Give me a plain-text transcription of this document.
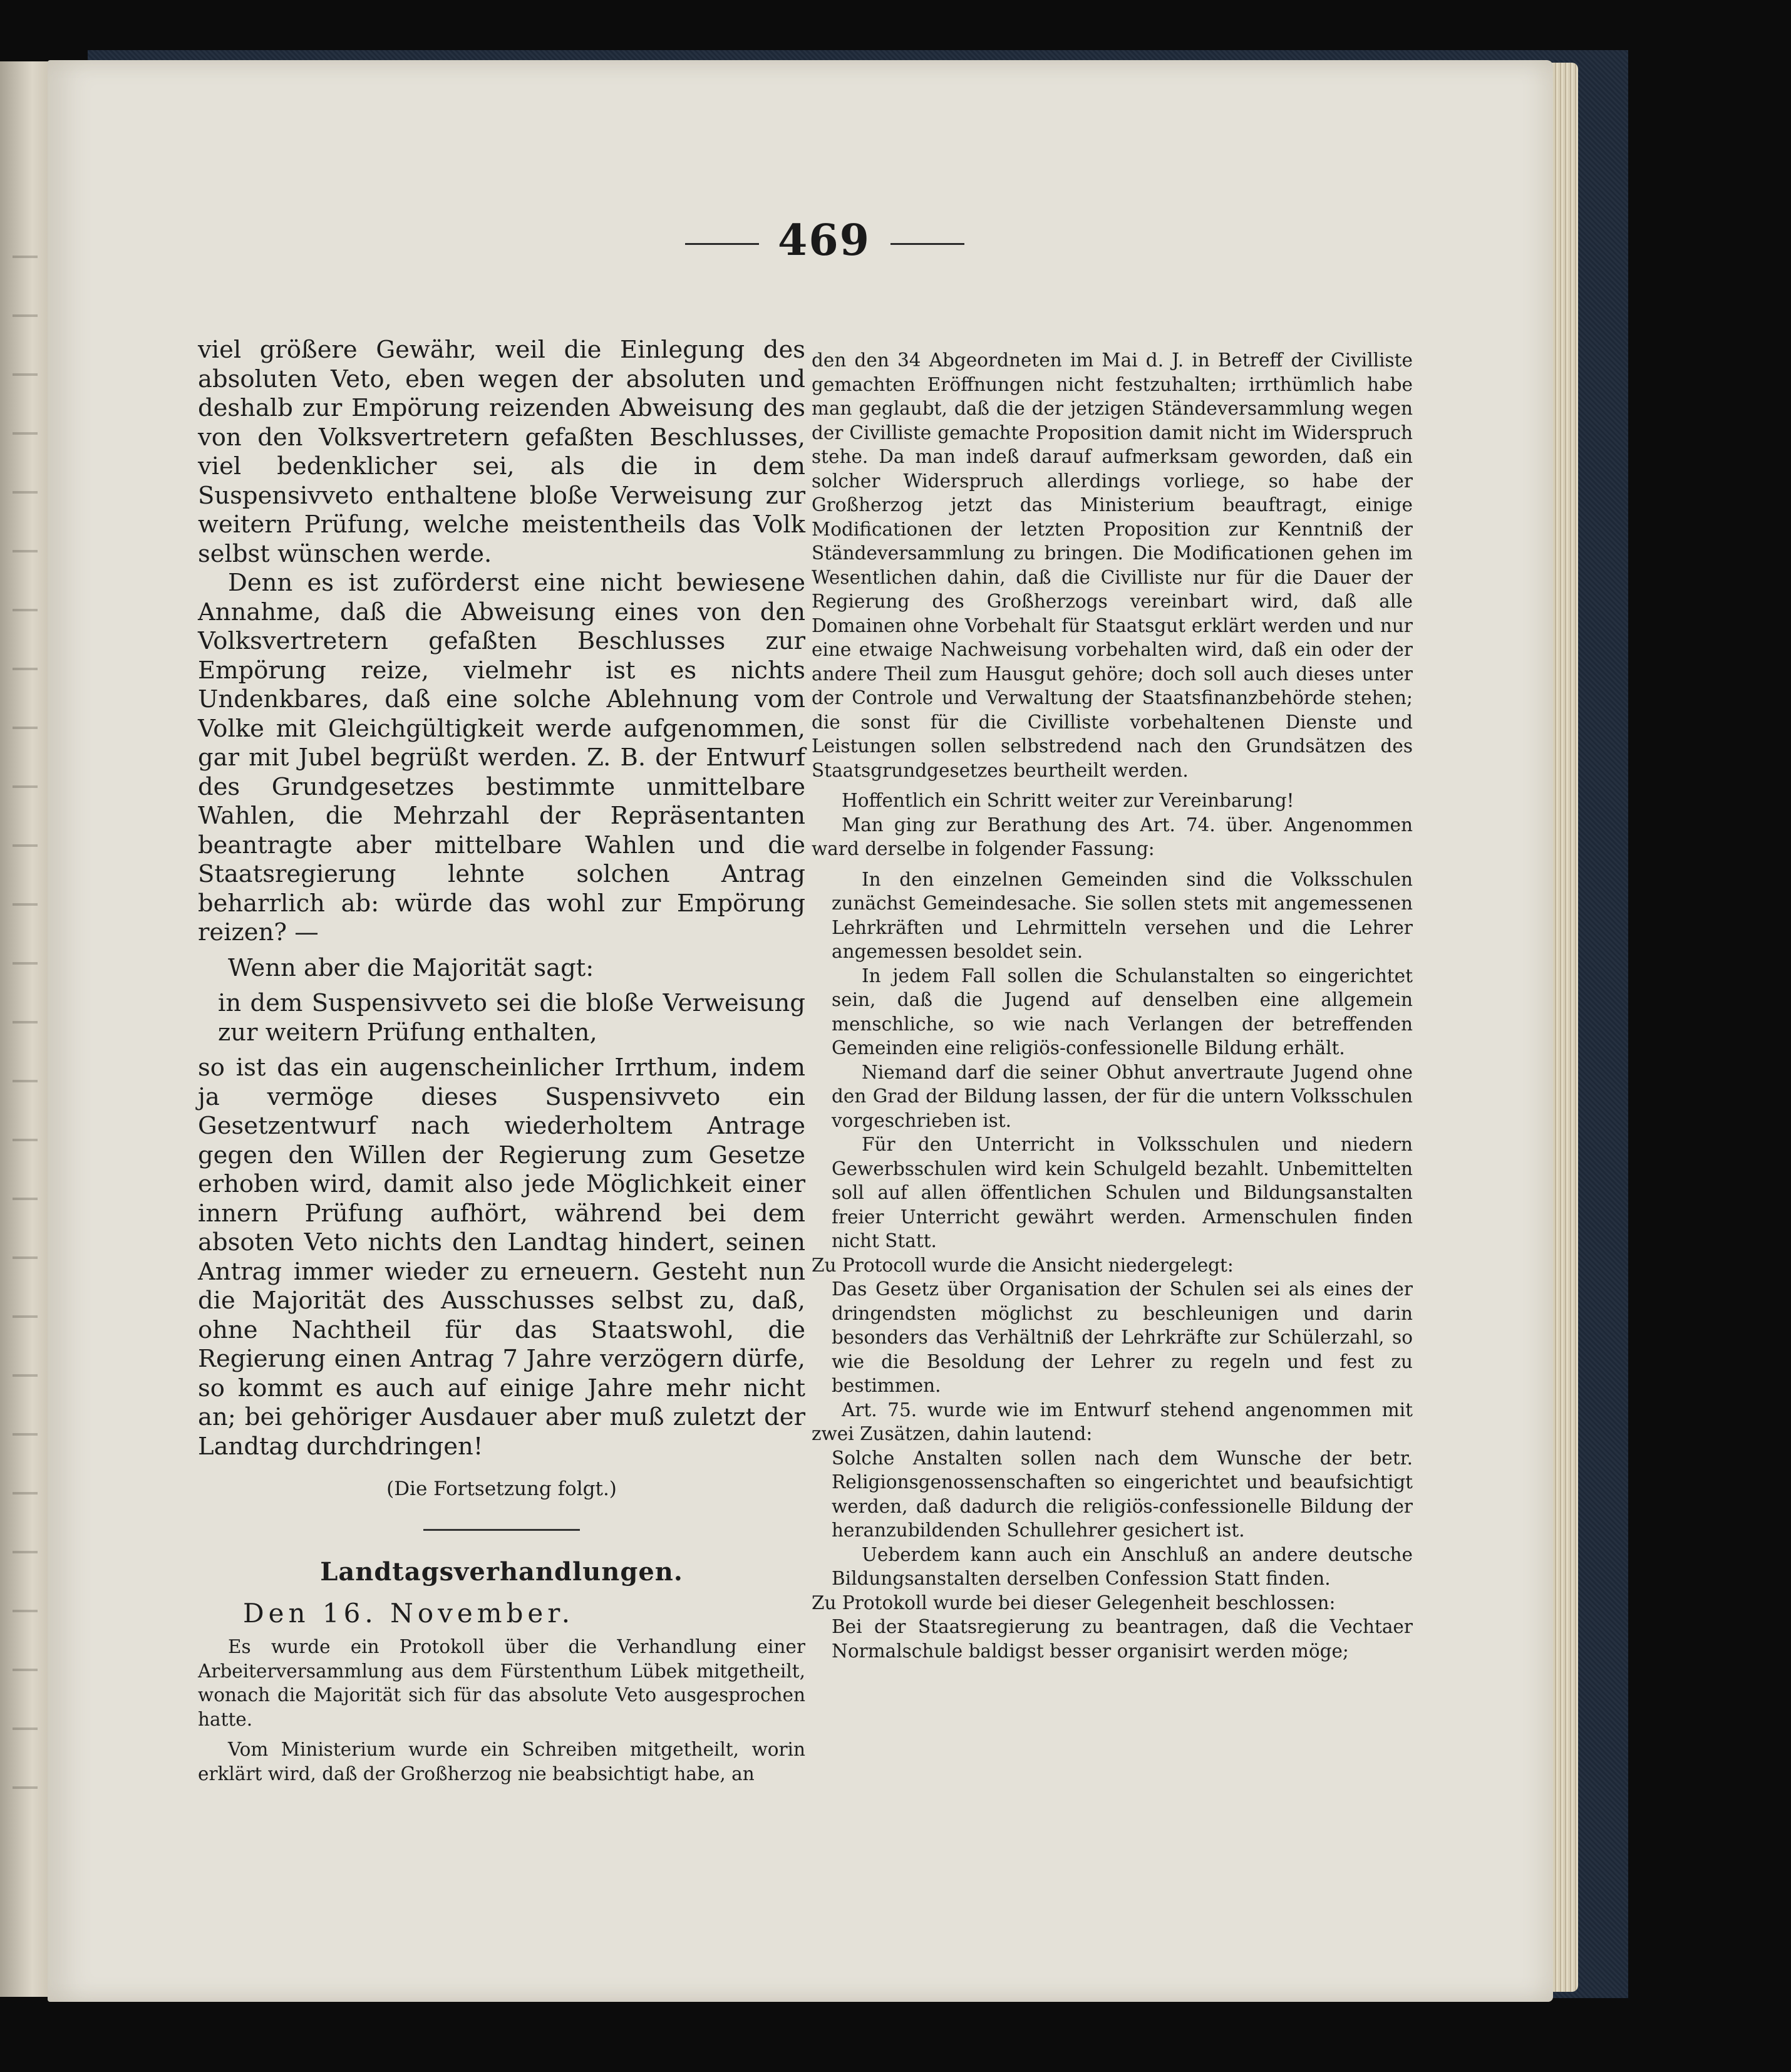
469

viel größere Gewähr, weil die Einlegung des absoluten Veto, eben wegen der absoluten und deshalb zur Empörung reizenden Abweisung des von den Volksvertretern gefaßten Beschlusses, viel bedenklicher sei, als die in dem Suspensivveto enthaltene bloße Verweisung zur weitern Prüfung, welche meistentheils das Volk selbst wünschen werde.

Denn es ist zuförderst eine nicht bewiesene Annahme, daß die Abweisung eines von den Volksvertretern gefaßten Beschlusses zur Empörung reize, vielmehr ist es nichts Undenkbares, daß eine solche Ablehnung vom Volke mit Gleichgültigkeit werde aufgenommen, gar mit Jubel begrüßt werden. Z. B. der Entwurf des Grundgesetzes bestimmte unmittelbare Wahlen, die Mehrzahl der Repräsentanten beantragte aber mittelbare Wahlen und die Staatsregierung lehnte solchen Antrag beharrlich ab: würde das wohl zur Empörung reizen? —

Wenn aber die Majorität sagt:

in dem Suspensivveto sei die bloße Verweisung zur weitern Prüfung enthalten,

so ist das ein augenscheinlicher Irrthum, indem ja vermöge dieses Suspensivveto ein Gesetzentwurf nach wiederholtem Antrage gegen den Willen der Regierung zum Gesetze erhoben wird, damit also jede Möglichkeit einer innern Prüfung aufhört, während bei dem absoten Veto nichts den Landtag hindert, seinen Antrag immer wieder zu erneuern. Gesteht nun die Majorität des Ausschusses selbst zu, daß, ohne Nachtheil für das Staatswohl, die Regierung einen Antrag 7 Jahre verzögern dürfe, so kommt es auch auf einige Jahre mehr nicht an; bei gehöriger Ausdauer aber muß zuletzt der Landtag durchdringen!

(Die Fortsetzung folgt.)
Landtagsverhandlungen.
Den 16. November.

Es wurde ein Protokoll über die Verhandlung einer Arbeiterversammlung aus dem Fürstenthum Lübek mitgetheilt, wonach die Majorität sich für das absolute Veto ausgesprochen hatte.

Vom Ministerium wurde ein Schreiben mitgetheilt, worin erklärt wird, daß der Großherzog nie beabsichtigt habe, an

den den 34 Abgeordneten im Mai d. J. in Betreff der Civilliste gemachten Eröffnungen nicht festzuhalten; irrthümlich habe man geglaubt, daß die der jetzigen Ständeversammlung wegen der Civilliste gemachte Proposition damit nicht im Widerspruch stehe. Da man indeß darauf aufmerksam geworden, daß ein solcher Widerspruch allerdings vorliege, so habe der Großherzog jetzt das Ministerium beauftragt, einige Modificationen der letzten Proposition zur Kenntniß der Ständeversammlung zu bringen. Die Modificationen gehen im Wesentlichen dahin, daß die Civilliste nur für die Dauer der Regierung des Großherzogs vereinbart wird, daß alle Domainen ohne Vorbehalt für Staatsgut erklärt werden und nur eine etwaige Nachweisung vorbehalten wird, daß ein oder der andere Theil zum Hausgut gehöre; doch soll auch dieses unter der Controle und Verwaltung der Staatsfinanzbehörde stehen; die sonst für die Civilliste vorbehaltenen Dienste und Leistungen sollen selbstredend nach den Grundsätzen des Staatsgrundgesetzes beurtheilt werden.

Hoffentlich ein Schritt weiter zur Vereinbarung!

Man ging zur Berathung des Art. 74. über. Angenommen ward derselbe in folgender Fassung:

In den einzelnen Gemeinden sind die Volksschulen zunächst Gemeindesache. Sie sollen stets mit angemessenen Lehrkräften und Lehrmitteln versehen und die Lehrer angemessen besoldet sein.

In jedem Fall sollen die Schulanstalten so eingerichtet sein, daß die Jugend auf denselben eine allgemein menschliche, so wie nach Verlangen der betreffenden Gemeinden eine religiös-confessionelle Bildung erhält.

Niemand darf die seiner Obhut anvertraute Jugend ohne den Grad der Bildung lassen, der für die untern Volksschulen vorgeschrieben ist.

Für den Unterricht in Volksschulen und niedern Gewerbsschulen wird kein Schulgeld bezahlt. Unbemittelten soll auf allen öffentlichen Schulen und Bildungsanstalten freier Unterricht gewährt werden. Armenschulen finden nicht Statt.

Zu Protocoll wurde die Ansicht niedergelegt:

Das Gesetz über Organisation der Schulen sei als eines der dringendsten möglichst zu beschleunigen und darin besonders das Verhältniß der Lehrkräfte zur Schülerzahl, so wie die Besoldung der Lehrer zu regeln und fest zu bestimmen.

Art. 75. wurde wie im Entwurf stehend angenommen mit zwei Zusätzen, dahin lautend:

Solche Anstalten sollen nach dem Wunsche der betr. Religionsgenossenschaften so eingerichtet und beaufsichtigt werden, daß dadurch die religiös-confessionelle Bildung der heranzubildenden Schullehrer gesichert ist.

Ueberdem kann auch ein Anschluß an andere deutsche Bildungsanstalten derselben Confession Statt finden.

Zu Protokoll wurde bei dieser Gelegenheit beschlossen:

Bei der Staatsregierung zu beantragen, daß die Vechtaer Normalschule baldigst besser organisirt werden möge;
